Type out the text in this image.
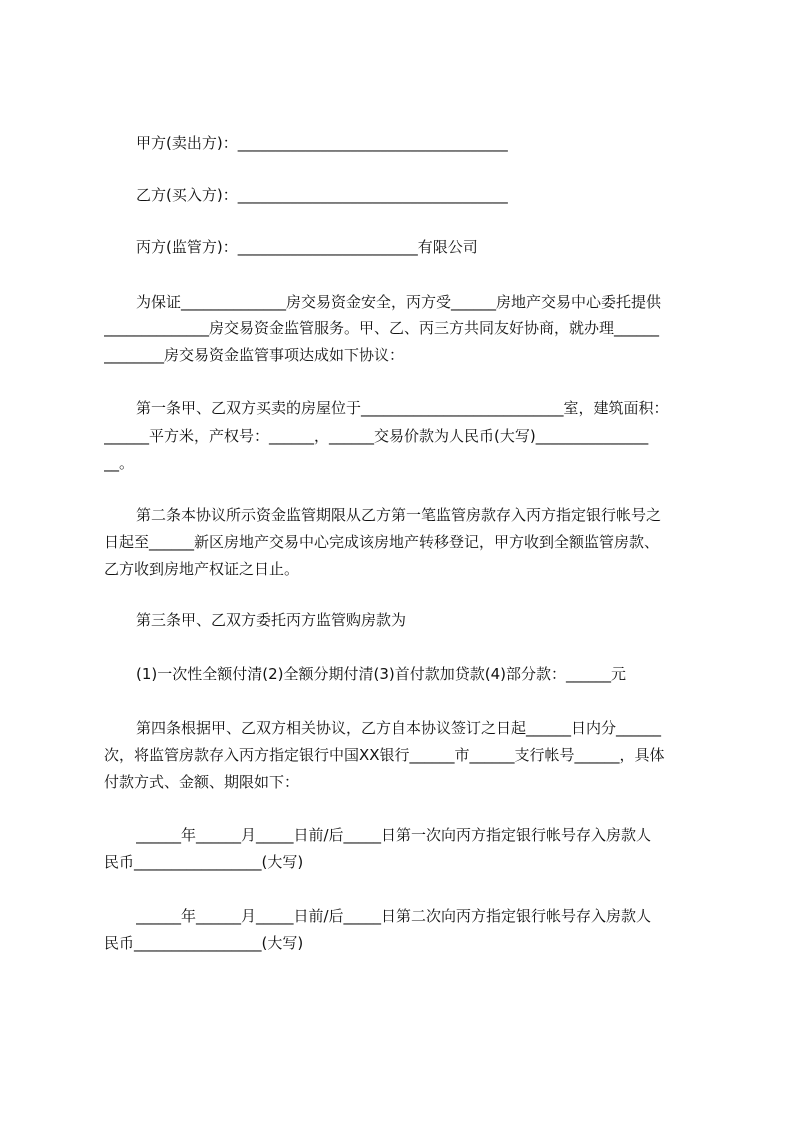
甲方(卖出方)：____________________________________
乙方(买入方)：____________________________________
丙方(监管方)：________________________有限公司
为保证______________房交易资金安全，丙方受______房地产交易中心委托提供
______________房交易资金监管服务。甲、乙、丙三方共同友好协商，就办理______
________房交易资金监管事项达成如下协议：
第一条甲、乙双方买卖的房屋位于___________________________室，建筑面积：
______平方米，产权号：______，______交易价款为人民币(大写)_______________
__。
第二条本协议所示资金监管期限从乙方第一笔监管房款存入丙方指定银行帐号之
日起至______新区房地产交易中心完成该房地产转移登记，甲方收到全额监管房款、
乙方收到房地产权证之日止。
第三条甲、乙双方委托丙方监管购房款为
(1)一次性全额付清(2)全额分期付清(3)首付款加贷款(4)部分款：______元
第四条根据甲、乙双方相关协议，乙方自本协议签订之日起______日内分______
次，将监管房款存入丙方指定银行中国XX银行______市______支行帐号______，具体
付款方式、金额、期限如下：
______年______月_____日前/后_____日第一次向丙方指定银行帐号存入房款人
民币_________________(大写)
______年______月_____日前/后_____日第二次向丙方指定银行帐号存入房款人
民币_________________(大写)
